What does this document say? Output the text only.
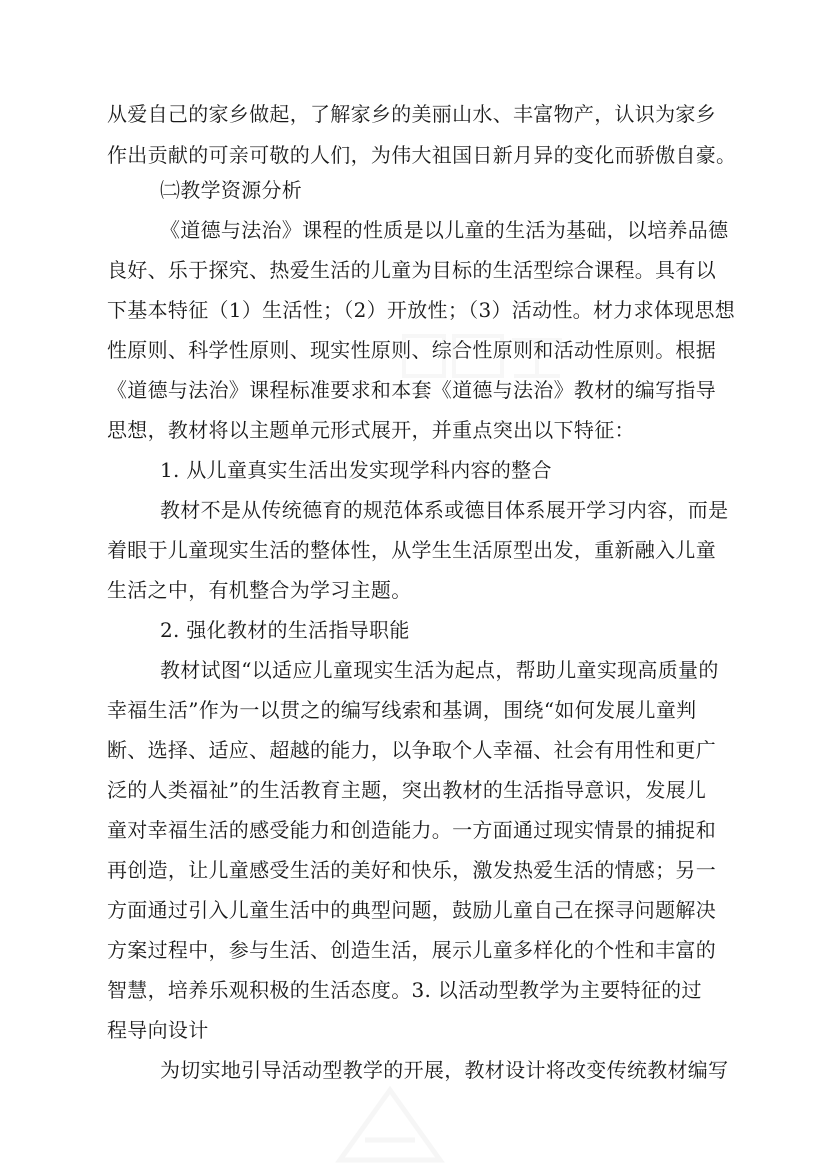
从爱自己的家乡做起，了解家乡的美丽山水、丰富物产，认识为家乡
作出贡献的可亲可敬的人们，为伟大祖国日新月异的变化而骄傲自豪。
㈡教学资源分析
《道德与法治》课程的性质是以儿童的生活为基础，以培养品德
良好、乐于探究、热爱生活的儿童为目标的生活型综合课程。具有以
下基本特征（1）生活性；（2）开放性；（3）活动性。材力求体现思想
性原则、科学性原则、现实性原则、综合性原则和活动性原则。根据
《道德与法治》课程标准要求和本套《道德与法治》教材的编写指导
思想，教材将以主题单元形式展开，并重点突出以下特征：
1. 从儿童真实生活出发实现学科内容的整合
教材不是从传统德育的规范体系或德目体系展开学习内容，而是
着眼于儿童现实生活的整体性，从学生生活原型出发，重新融入儿童
生活之中，有机整合为学习主题。
2. 强化教材的生活指导职能
教材试图“以适应儿童现实生活为起点，帮助儿童实现高质量的
幸福生活”作为一以贯之的编写线索和基调，围绕“如何发展儿童判
断、选择、适应、超越的能力，以争取个人幸福、社会有用性和更广
泛的人类福祉”的生活教育主题，突出教材的生活指导意识，发展儿
童对幸福生活的感受能力和创造能力。一方面通过现实情景的捕捉和
再创造，让儿童感受生活的美好和快乐，激发热爱生活的情感；另一
方面通过引入儿童生活中的典型问题，鼓励儿童自己在探寻问题解决
方案过程中，参与生活、创造生活，展示儿童多样化的个性和丰富的
智慧，培养乐观积极的生活态度。3. 以活动型教学为主要特征的过
程导向设计
为切实地引导活动型教学的开展，教材设计将改变传统教材编写
